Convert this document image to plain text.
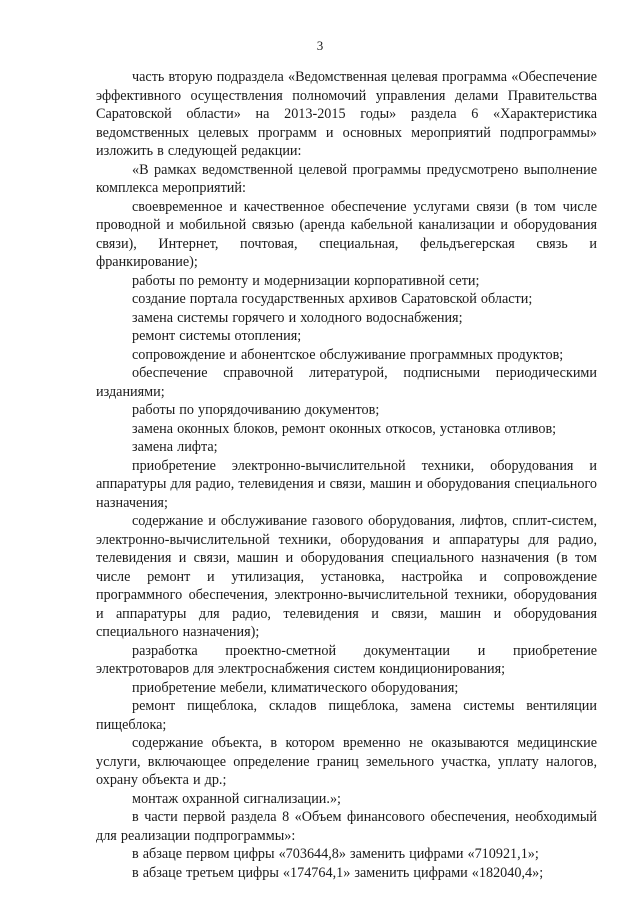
3

часть вторую подраздела «Ведомственная целевая программа «Обеспечение эффективного осуществления полномочий управления делами Правительства Саратовской области» на 2013-2015 годы» раздела 6 «Характеристика ведомственных целевых программ и основных мероприятий подпрограммы» изложить в следующей редакции:

«В рамках ведомственной целевой программы предусмотрено выполнение комплекса мероприятий:

своевременное и качественное обеспечение услугами связи (в том числе проводной и мобильной связью (аренда кабельной канализации и оборудования связи), Интернет, почтовая, специальная, фельдъегерская связь и франкирование);

работы по ремонту и модернизации корпоративной сети;

создание портала государственных архивов Саратовской области;

замена системы горячего и холодного водоснабжения;

ремонт системы отопления;

сопровождение и абонентское обслуживание программных продуктов;

обеспечение справочной литературой, подписными периодическими изданиями;

работы по упорядочиванию документов;

замена оконных блоков, ремонт оконных откосов, установка отливов;

замена лифта;

приобретение электронно-вычислительной техники, оборудования и аппаратуры для радио, телевидения и связи, машин и оборудования специального назначения;

содержание и обслуживание газового оборудования, лифтов, сплит-систем, электронно-вычислительной техники, оборудования и аппаратуры для радио, телевидения и связи, машин и оборудования специального назначения (в том числе ремонт и утилизация, установка, настройка и сопровождение программного обеспечения, электронно-вычислительной техники, оборудования и аппаратуры для радио, телевидения и связи, машин и оборудования специального назначения);

разработка проектно-сметной документации и приобретение электротоваров для электроснабжения систем кондиционирования;

приобретение мебели, климатического оборудования;

ремонт пищеблока, складов пищеблока, замена системы вентиляции пищеблока;

содержание объекта, в котором временно не оказываются медицинские услуги, включающее определение границ земельного участка, уплату налогов, охрану объекта и др.;

монтаж охранной сигнализации.»;

в части первой раздела 8 «Объем финансового обеспечения, необходимый для реализации подпрограммы»:

в абзаце первом цифры «703644,8» заменить цифрами «710921,1»;

в абзаце третьем цифры «174764,1» заменить цифрами «182040,4»;
